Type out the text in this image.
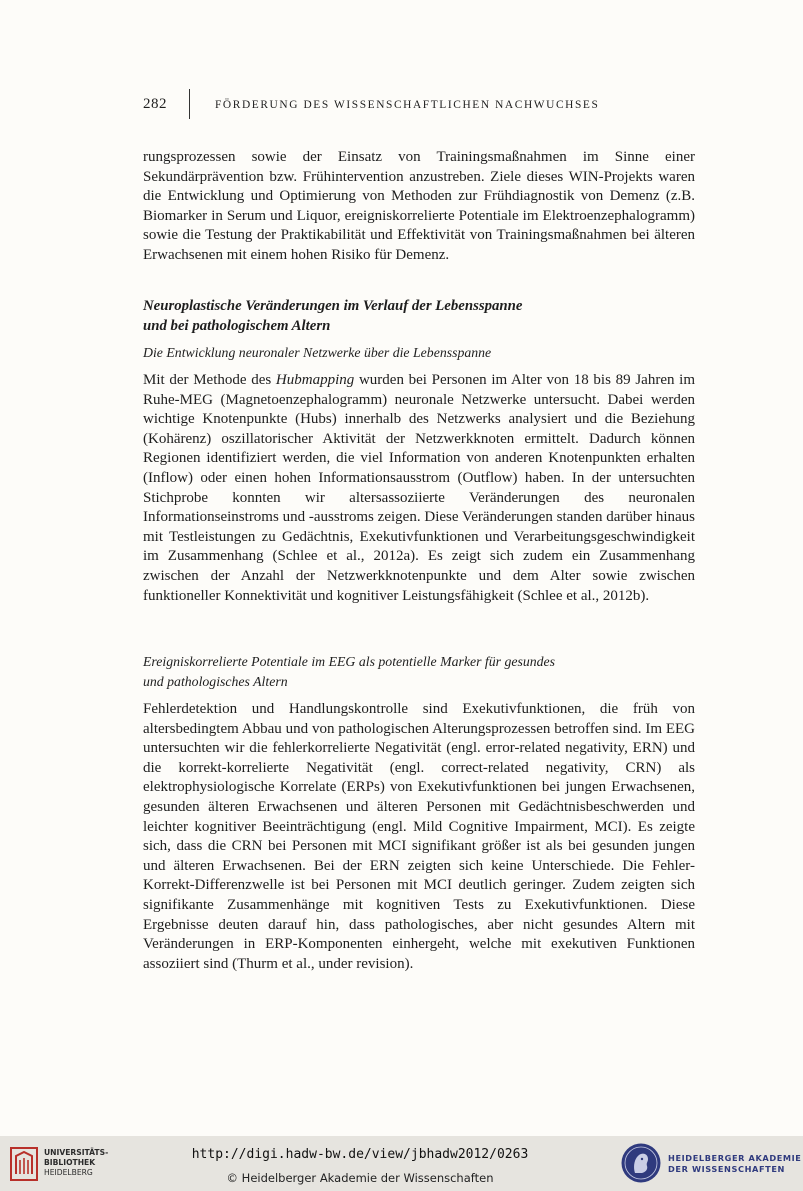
282	FÖRDERUNG DES WISSENSCHAFTLICHEN NACHWUCHSES

rungsprozessen sowie der Einsatz von Trainingsmaßnahmen im Sinne einer Sekundärprävention bzw. Frühintervention anzustreben. Ziele dieses WIN-Projekts waren die Entwicklung und Optimierung von Methoden zur Frühdiagnostik von Demenz (z.B. Biomarker in Serum und Liquor, ereigniskorrelierte Potentiale im Elektroenzephalogramm) sowie die Testung der Praktikabilität und Effektivität von Trainingsmaßnahmen bei älteren Erwachsenen mit einem hohen Risiko für Demenz.

Neuroplastische Veränderungen im Verlauf der Lebensspanne
und bei pathologischem Altern
Die Entwicklung neuronaler Netzwerke über die Lebensspanne

Mit der Methode des Hubmapping wurden bei Personen im Alter von 18 bis 89 Jahren im Ruhe-MEG (Magnetoenzephalogramm) neuronale Netzwerke untersucht. Dabei werden wichtige Knotenpunkte (Hubs) innerhalb des Netzwerks analysiert und die Beziehung (Kohärenz) oszillatorischer Aktivität der Netzwerkknoten ermittelt. Dadurch können Regionen identifiziert werden, die viel Information von anderen Knotenpunkten erhalten (Inflow) oder einen hohen Informationsausstrom (Outflow) haben. In der untersuchten Stichprobe konnten wir altersassoziierte Veränderungen des neuronalen Informationseinstroms und -ausstroms zeigen. Diese Veränderungen standen darüber hinaus mit Testleistungen zu Gedächtnis, Exekutivfunktionen und Verarbeitungsgeschwindigkeit im Zusammenhang (Schlee et al., 2012a). Es zeigt sich zudem ein Zusammenhang zwischen der Anzahl der Netzwerkknotenpunkte und dem Alter sowie zwischen funktioneller Konnektivität und kognitiver Leistungsfähigkeit (Schlee et al., 2012b).

Ereigniskorrelierte Potentiale im EEG als potentielle Marker für gesundes
und pathologisches Altern

Fehlerdetektion und Handlungskontrolle sind Exekutivfunktionen, die früh von altersbedingtem Abbau und von pathologischen Alterungsprozessen betroffen sind. Im EEG untersuchten wir die fehlerkorrelierte Negativität (engl. error-related negativity, ERN) und die korrekt-korrelierte Negativität (engl. correct-related negativity, CRN) als elektrophysiologische Korrelate (ERPs) von Exekutivfunktionen bei jungen Erwachsenen, gesunden älteren Erwachsenen und älteren Personen mit Gedächtnisbeschwerden und leichter kognitiver Beeinträchtigung (engl. Mild Cognitive Impairment, MCI). Es zeigte sich, dass die CRN bei Personen mit MCI signifikant größer ist als bei gesunden jungen und älteren Erwachsenen. Bei der ERN zeigten sich keine Unterschiede. Die Fehler-Korrekt-Differenzwelle ist bei Personen mit MCI deutlich geringer. Zudem zeigten sich signifikante Zusammenhänge mit kognitiven Tests zu Exekutivfunktionen. Diese Ergebnisse deuten darauf hin, dass pathologisches, aber nicht gesundes Altern mit Veränderungen in ERP-Komponenten einhergeht, welche mit exekutiven Funktionen assoziiert sind (Thurm et al., under revision).

UNIVERSITÄTS-
BIBLIOTHEK
HEIDELBERG
http://digi.hadw-bw.de/view/jbhadw2012/0263
© Heidelberger Akademie der Wissenschaften
HEIDELBERGER AKADEMIE
DER WISSENSCHAFTEN
